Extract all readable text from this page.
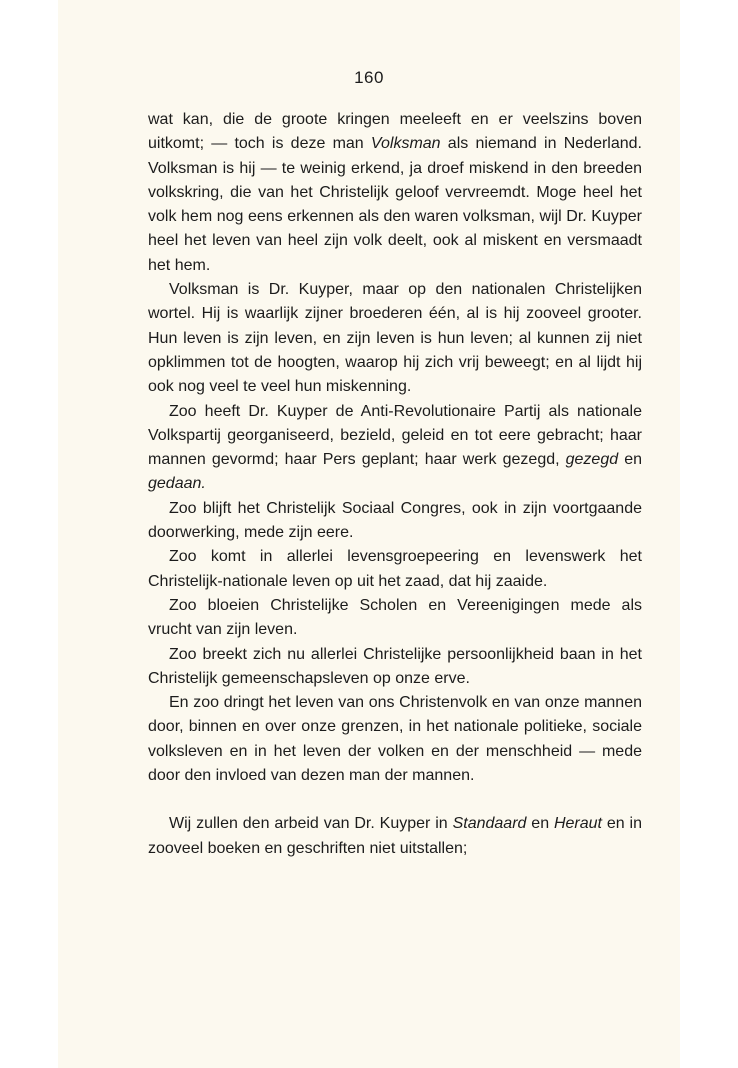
160

wat kan, die de groote kringen meeleeft en er veelszins boven uitkomt; — toch is deze man Volksman als niemand in Nederland. Volksman is hij — te weinig erkend, ja droef miskend in den breeden volkskring, die van het Christelijk geloof vervreemdt. Moge heel het volk hem nog eens erkennen als den waren volksman, wijl Dr. Kuyper heel het leven van heel zijn volk deelt, ook al miskent en versmaadt het hem.

Volksman is Dr. Kuyper, maar op den nationalen Christelijken wortel. Hij is waarlijk zijner broederen één, al is hij zooveel grooter. Hun leven is zijn leven, en zijn leven is hun leven; al kunnen zij niet opklimmen tot de hoogten, waarop hij zich vrij beweegt; en al lijdt hij ook nog veel te veel hun miskenning.

Zoo heeft Dr. Kuyper de Anti-Revolutionaire Partij als nationale Volkspartij georganiseerd, bezield, geleid en tot eere gebracht; haar mannen gevormd; haar Pers geplant; haar werk gezegd, gezegd en gedaan.

Zoo blijft het Christelijk Sociaal Congres, ook in zijn voortgaande doorwerking, mede zijn eere.

Zoo komt in allerlei levensgroepeering en levenswerk het Christelijk-nationale leven op uit het zaad, dat hij zaaide.

Zoo bloeien Christelijke Scholen en Vereenigingen mede als vrucht van zijn leven.

Zoo breekt zich nu allerlei Christelijke persoonlijkheid baan in het Christelijk gemeenschapsleven op onze erve.

En zoo dringt het leven van ons Christenvolk en van onze mannen door, binnen en over onze grenzen, in het nationale politieke, sociale volksleven en in het leven der volken en der menschheid — mede door den invloed van dezen man der mannen.

Wij zullen den arbeid van Dr. Kuyper in Standaard en Heraut en in zooveel boeken en geschriften niet uitstallen;
